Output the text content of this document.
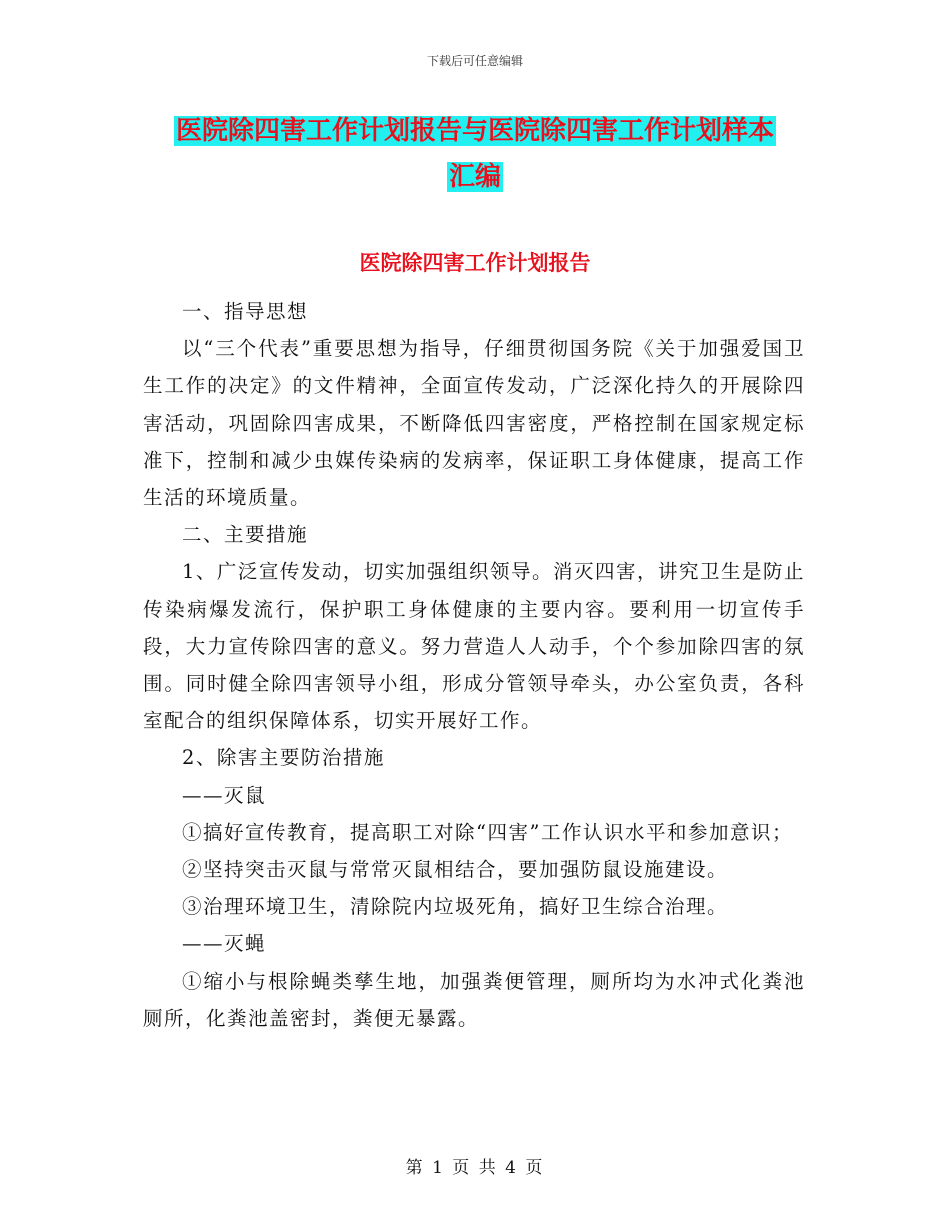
下载后可任意编辑
医院除四害工作计划报告与医院除四害工作计划样本
汇编
医院除四害工作计划报告

一、指导思想

以“三个代表”重要思想为指导，仔细贯彻国务院《关于加强爱国卫生工作的决定》的文件精神，全面宣传发动，广泛深化持久的开展除四害活动，巩固除四害成果，不断降低四害密度，严格控制在国家规定标准下，控制和减少虫媒传染病的发病率，保证职工身体健康，提高工作生活的环境质量。

二、主要措施

1、广泛宣传发动，切实加强组织领导。消灭四害，讲究卫生是防止传染病爆发流行，保护职工身体健康的主要内容。要利用一切宣传手段，大力宣传除四害的意义。努力营造人人动手，个个参加除四害的氛围。同时健全除四害领导小组，形成分管领导牵头，办公室负责，各科室配合的组织保障体系，切实开展好工作。

2、除害主要防治措施

——灭鼠

①搞好宣传教育，提高职工对除“四害”工作认识水平和参加意识；

②坚持突击灭鼠与常常灭鼠相结合，要加强防鼠设施建设。

③治理环境卫生，清除院内垃圾死角，搞好卫生综合治理。

——灭蝇

①缩小与根除蝇类孳生地，加强粪便管理，厕所均为水冲式化粪池厕所，化粪池盖密封，粪便无暴露。

第 1 页 共 4 页
